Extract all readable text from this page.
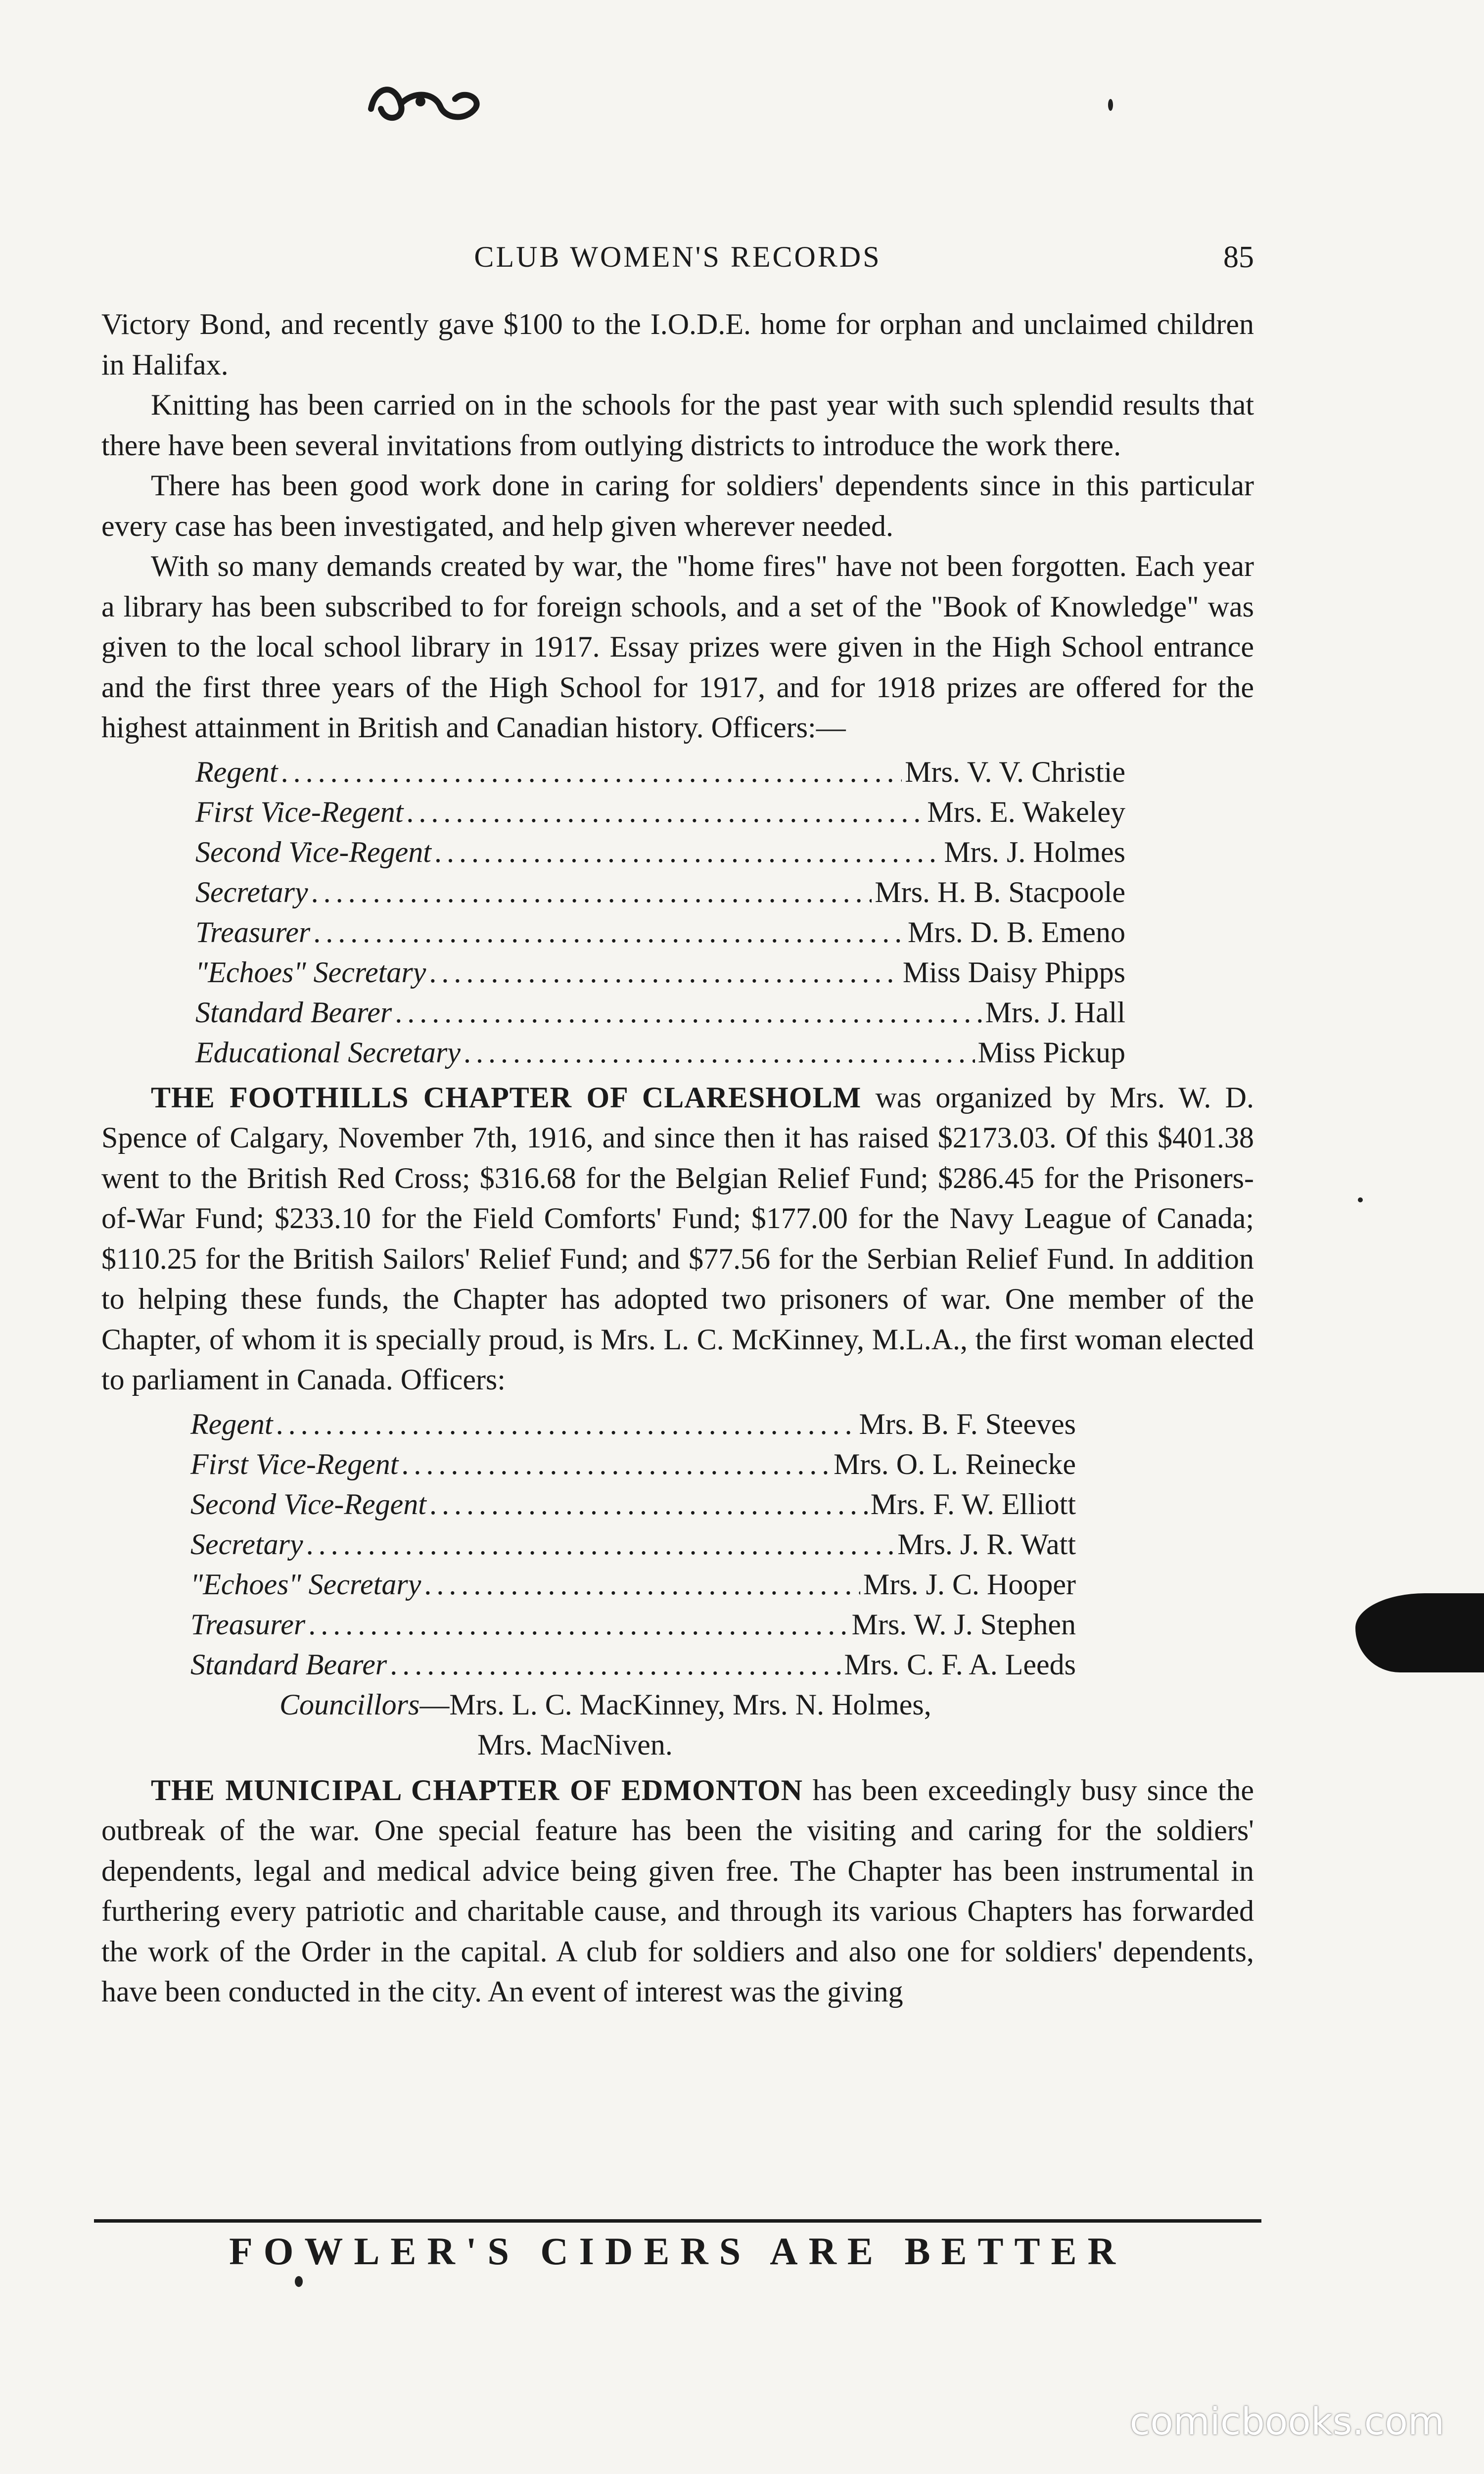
CLUB WOMEN'S RECORDS	85

Victory Bond, and recently gave $100 to the I.O.D.E. home for orphan and unclaimed children in Halifax.

Knitting has been carried on in the schools for the past year with such splendid results that there have been several invitations from outlying districts to introduce the work there.

There has been good work done in caring for soldiers' dependents since in this particular every case has been investigated, and help given wherever needed.

With so many demands created by war, the "home fires" have not been forgotten. Each year a library has been subscribed to for foreign schools, and a set of the "Book of Knowledge" was given to the local school library in 1917. Essay prizes were given in the High School entrance and the first three years of the High School for 1917, and for 1918 prizes are offered for the highest attainment in British and Canadian history. Officers:—

Regent .....	Mrs. V. V. Christie
First Vice-Regent .....	Mrs. E. Wakeley
Second Vice-Regent .....	Mrs. J. Holmes
Secretary .....	Mrs. H. B. Stacpoole
Treasurer .....	Mrs. D. B. Emeno
"Echoes" Secretary .....	Miss Daisy Phipps
Standard Bearer .....	Mrs. J. Hall
Educational Secretary .....	Miss Pickup

THE FOOTHILLS CHAPTER OF CLARESHOLM was organized by Mrs. W. D. Spence of Calgary, November 7th, 1916, and since then it has raised $2173.03. Of this $401.38 went to the British Red Cross; $316.68 for the Belgian Relief Fund; $286.45 for the Prisoners-of-War Fund; $233.10 for the Field Comforts' Fund; $177.00 for the Navy League of Canada; $110.25 for the British Sailors' Relief Fund; and $77.56 for the Serbian Relief Fund. In addition to helping these funds, the Chapter has adopted two prisoners of war. One member of the Chapter, of whom it is specially proud, is Mrs. L. C. McKinney, M.L.A., the first woman elected to parliament in Canada. Officers:

Regent .....	Mrs. B. F. Steeves
First Vice-Regent .....	Mrs. O. L. Reinecke
Second Vice-Regent .....	Mrs. F. W. Elliott
Secretary .....	Mrs. J. R. Watt
"Echoes" Secretary .....	Mrs. J. C. Hooper
Treasurer .....	Mrs. W. J. Stephen
Standard Bearer .....	Mrs. C. F. A. Leeds
Councillors—Mrs. L. C. MacKinney, Mrs. N. Holmes,
Mrs. MacNiven.

THE MUNICIPAL CHAPTER OF EDMONTON has been exceedingly busy since the outbreak of the war. One special feature has been the visiting and caring for the soldiers' dependents, legal and medical advice being given free. The Chapter has been instrumental in furthering every patriotic and charitable cause, and through its various Chapters has forwarded the work of the Order in the capital. A club for soldiers and also one for soldiers' dependents, have been conducted in the city. An event of interest was the giving

FOWLER'S CIDERS ARE BETTER
comicbooks.com
